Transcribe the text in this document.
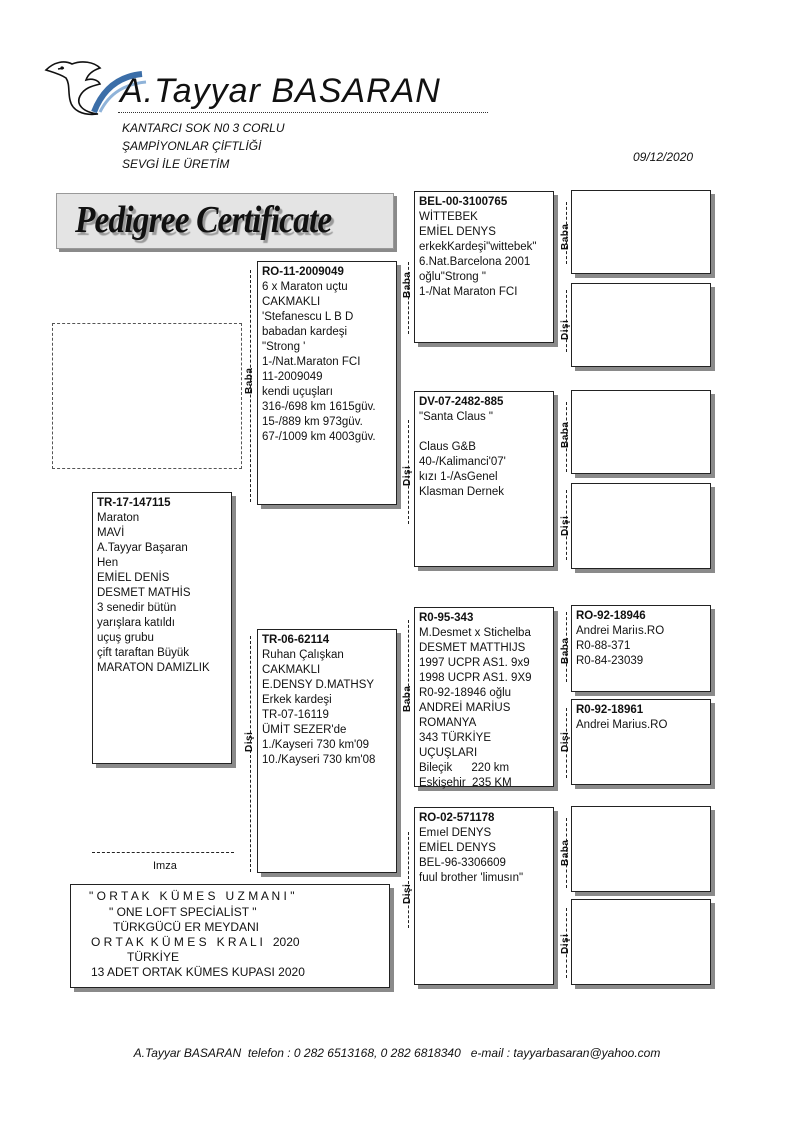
A.Tayyar BASARAN
KANTARCI SOK N0 3 CORLU
ŞAMPİYONLAR ÇİFTLİĞİ
SEVGİ İLE ÜRETİM	09/12/2020
Pedigree Certificate
TR-17-147115
Maraton
MAVİ
A.Tayyar Başaran
Hen
EMİEL DENİS
DESMET MATHİS
3 senedir bütün
yarışlara katıldı
uçuş grubu
çift taraftan Büyük
MARATON DAMIZLIK
Baba
RO-11-2009049
6 x Maraton uçtu
CAKMAKLI
'Stefanescu L B D
babadan kardeşi
"Strong '
1-/Nat.Maraton FCI
11-2009049
kendi uçuşları
316-/698 km 1615güv.
15-/889 km 973güv.
67-/1009 km 4003güv.
Dişi
TR-06-62114
Ruhan Çalışkan
CAKMAKLI
E.DENSY D.MATHSY
Erkek kardeşi
TR-07-16119
ÜMİT SEZER'de
1./Kayseri 730 km'09
10./Kayseri 730 km'08
Baba
BEL-00-3100765
WİTTEBEK
EMİEL DENYS
erkekKardeşi"wittebek"
6.Nat.Barcelona 2001
oğlu"Strong "
1-/Nat Maraton FCI
Dişi
DV-07-2482-885
"Santa Claus "
Claus G&B
40-/Kalimanci'07'
kızı 1-/AsGenel
Klasman Dernek
Baba
R0-95-343
M.Desmet x Stichelba
DESMET MATTHIJS
1997 UCPR AS1. 9x9
1998 UCPR AS1. 9X9
R0-92-18946 oğlu
ANDREİ MARİUS
ROMANYA
343 TÜRKİYE
UÇUŞLARI
Bileçik      220 km
Eskişehir  235 KM
Dişi
RO-02-571178
Emıel DENYS
EMİEL DENYS
BEL-96-3306609
fuul brother 'limusın"
Baba
Dişi
Baba
Dişi
Baba
RO-92-18946
Andrei Mariıs.RO
R0-88-371
R0-84-23039
Dişi
R0-92-18961
Andrei Marius.RO
Baba
Dişi
Imza
" O R T A K   K Ü M E S   U Z M A N I "
" ONE LOFT SPECİALİST "
TÜRKGÜCÜ ER MEYDANI
O R T A K  K Ü M E S   K R A L I   2020
TÜRKİYE
13 ADET ORTAK KÜMES KUPASI 2020
A.Tayyar BASARAN  telefon : 0 282 6513168, 0 282 6818340   e-mail : tayyarbasaran@yahoo.com
